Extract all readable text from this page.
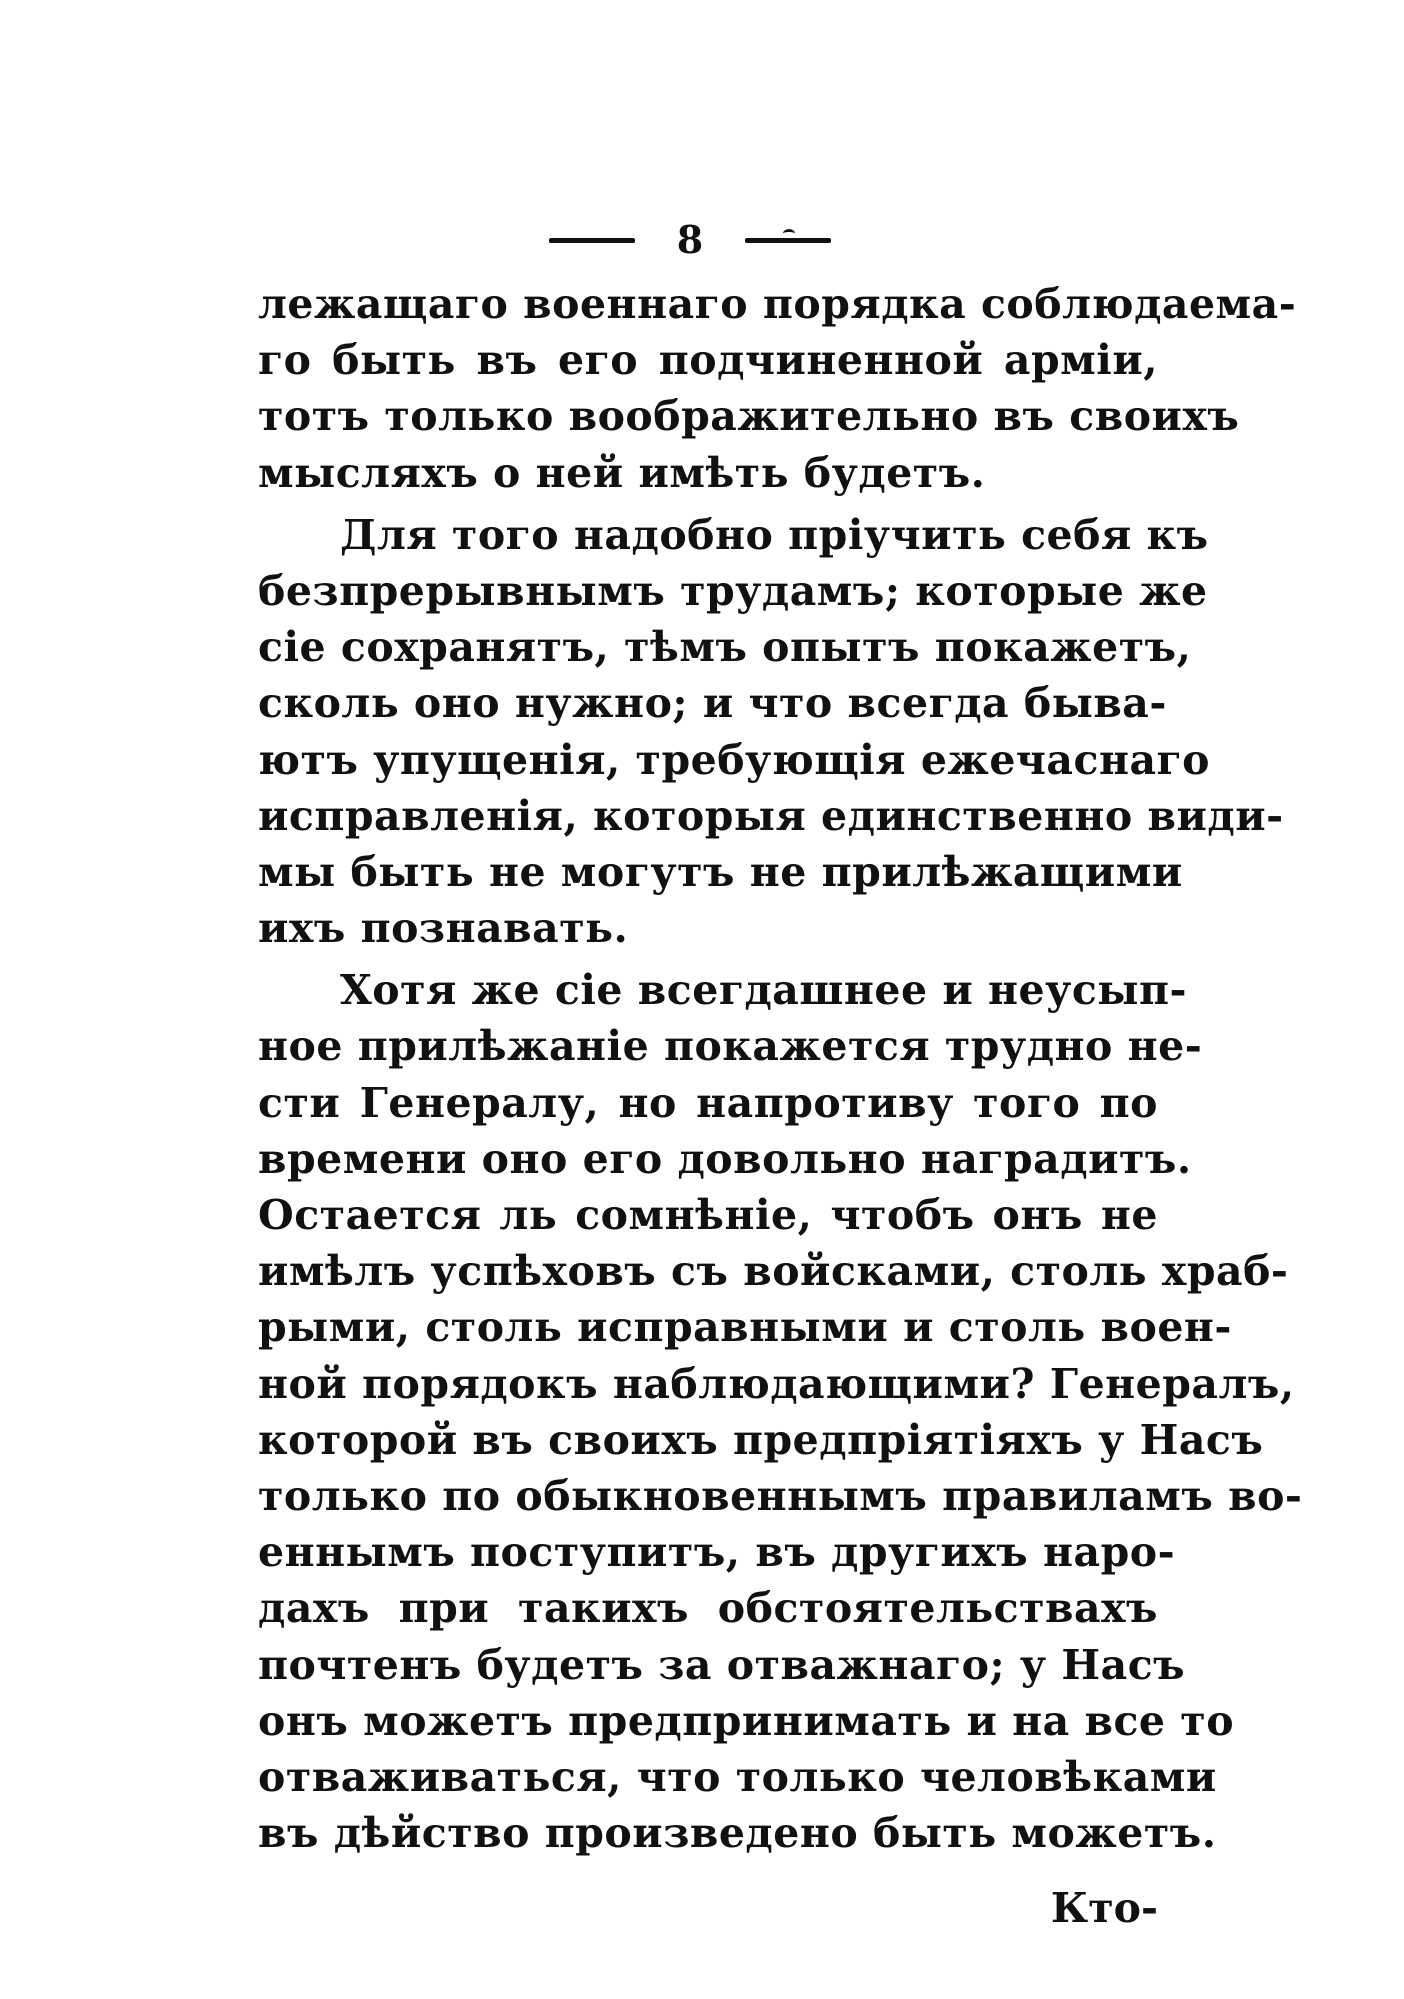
8
лежащаго военнаго порядка соблюдаема-
го быть въ его подчиненной арміи,
тотъ только воображительно въ своихъ
мысляхъ о ней имѣть будетъ.
Для того надобно пріучить себя къ
безпрерывнымъ трудамъ; которые же
сіе сохранятъ, тѣмъ опытъ покажетъ,
сколь оно нужно; и что всегда быва-
ютъ упущенія, требующія ежечаснаго
исправленія, которыя единственно види-
мы быть не могутъ не прилѣжащими
ихъ познавать.
Хотя же сіе всегдашнее и неусып-
ное прилѣжаніе покажется трудно не-
сти Генералу, но напротиву того по
времени оно его довольно наградитъ.
Остается ль сомнѣніе, чтобъ онъ не
имѣлъ успѣховъ съ войсками, столь храб-
рыми, столь исправными и столь воен-
ной порядокъ наблюдающими? Генералъ,
которой въ своихъ предпріятіяхъ у Насъ
только по обыкновеннымъ правиламъ во-
еннымъ поступитъ, въ другихъ наро-
дахъ при такихъ обстоятельствахъ
почтенъ будетъ за отважнаго; у Насъ
онъ можетъ предпринимать и на все то
отваживаться, что только человѣками
въ дѣйство произведено быть можетъ.
Кто-
